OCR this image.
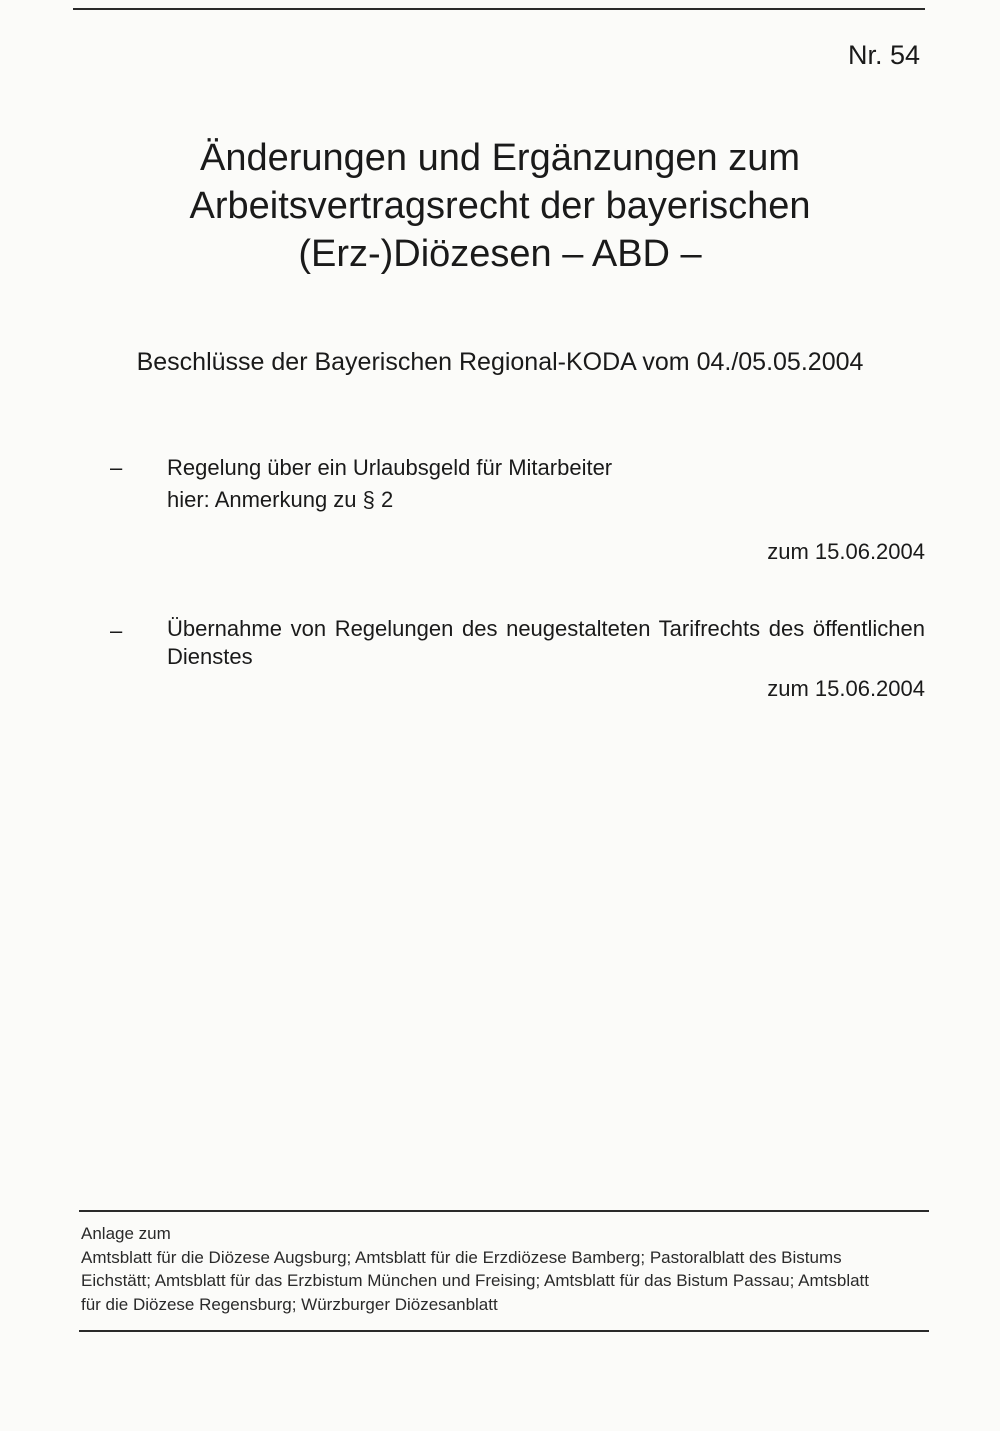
Nr. 54
Änderungen und Ergänzungen zum
Arbeitsvertragsrecht der bayerischen
(Erz-)Diözesen – ABD –
Beschlüsse der Bayerischen Regional-KODA vom 04./05.05.2004
– Regelung über ein Urlaubsgeld für Mitarbeiter
hier: Anmerkung zu § 2
zum 15.06.2004
– Übernahme von Regelungen des neugestalteten Tarifrechts des öffentlichen Dienstes
zum 15.06.2004
Anlage zum
Amtsblatt für die Diözese Augsburg; Amtsblatt für die Erzdiözese Bamberg; Pastoralblatt des Bistums Eichstätt; Amtsblatt für das Erzbistum München und Freising; Amtsblatt für das Bistum Passau; Amtsblatt für die Diözese Regensburg; Würzburger Diözesanblatt
